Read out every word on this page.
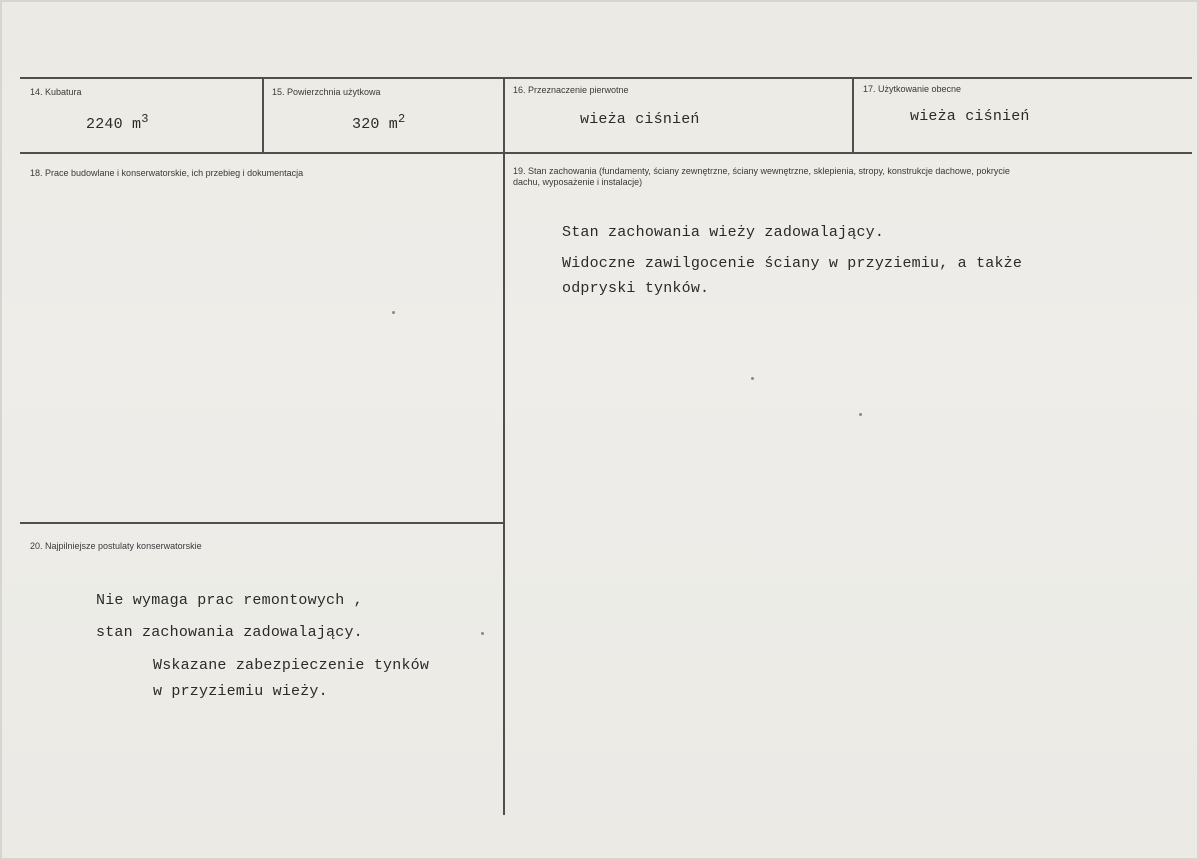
14. Kubatura
2240 $m^3$
15. Powierzchnia użytkowa
320 $m^2$
16. Przeznaczenie pierwotne
wieża ciśnień
17. Użytkowanie obecne
wieża ciśnień
18. Prace budowlane i konserwatorskie, ich przebieg i dokumentacja	19. Stan zachowania (fundamenty, ściany zewnętrzne, ściany wewnętrzne, sklepienia, stropy, konstrukcje dachowe, pokrycie dachu, wyposażenie i instalacje)
Stan zachowania wieży zadowalający.
Widoczne zawilgocenie ściany w przyziemiu, a także
odpryski tynków.
20. Najpilniejsze postulaty konserwatorskie
Nie wymaga prac remontowych ,
stan zachowania zadowalający.
Wskazane zabezpieczenie tynków
w przyziemiu wieży.
